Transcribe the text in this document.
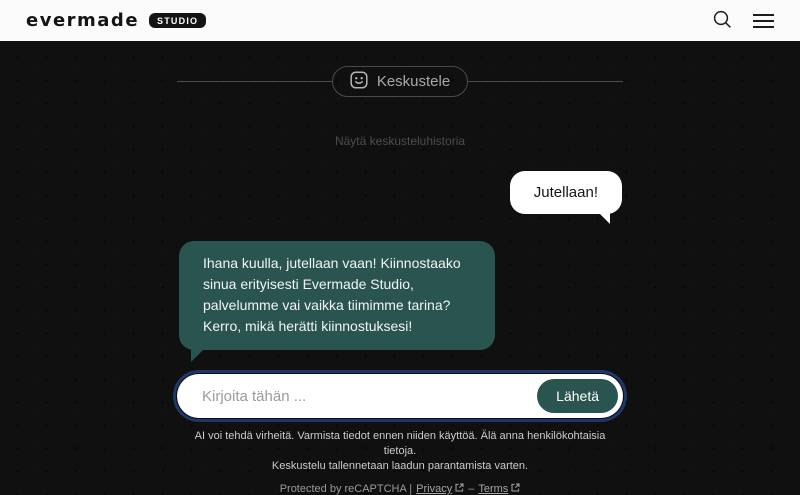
evermade	STUDIO
Keskustele
Näytä keskusteluhistoria
Jutellaan!
Ihana kuulla, jutellaan vaan! Kiinnostaako sinua erityisesti Evermade Studio, palvelumme vai vaikka tiimimme tarina? Kerro, mikä herätti kiinnostuksesi!
Kirjoita tähän ...
Lähetä

AI voi tehdä virheitä. Varmista tiedot ennen niiden käyttöä. Älä anna henkilökohtaisia tietoja.
Keskustelu tallennetaan laadun parantamista varten.

Protected by reCAPTCHA | Privacy – Terms
